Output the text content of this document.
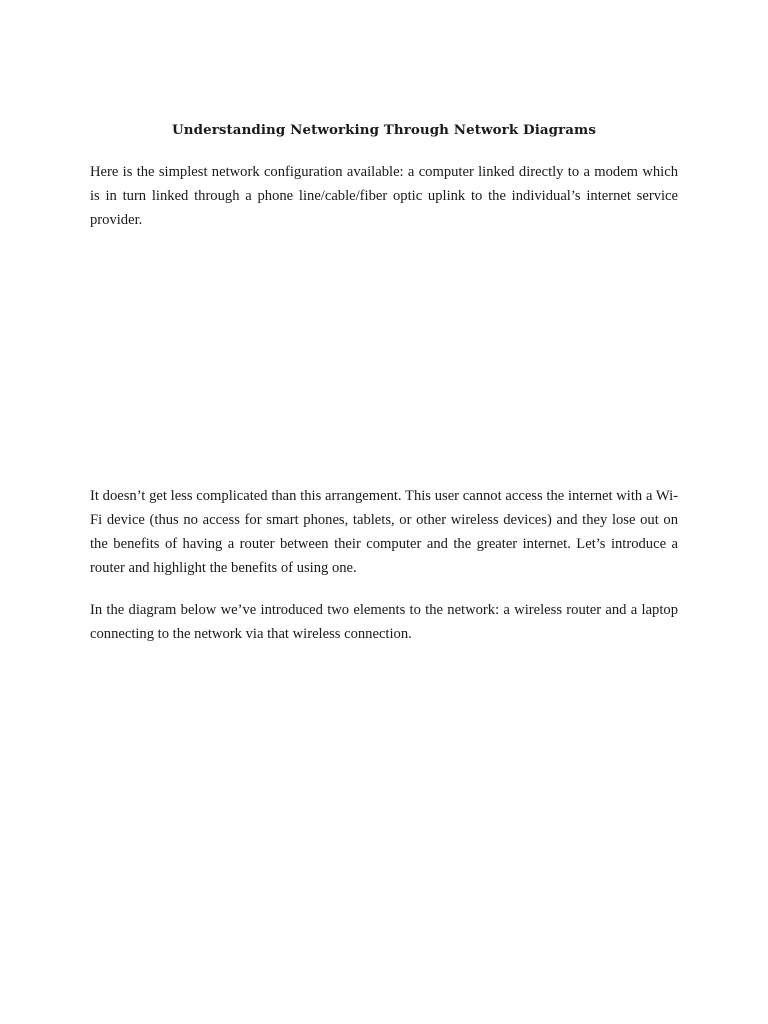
Understanding Networking Through Network Diagrams

Here is the simplest network configuration available: a computer linked directly to a modem which is in turn linked through a phone line/cable/fiber optic uplink to the individual’s internet service provider.

It doesn’t get less complicated than this arrangement. This user cannot access the internet with a Wi-Fi device (thus no access for smart phones, tablets, or other wireless devices) and they lose out on the benefits of having a router between their computer and the greater internet. Let’s introduce a router and highlight the benefits of using one.

In the diagram below we’ve introduced two elements to the network: a wireless router and a laptop connecting to the network via that wireless connection.
